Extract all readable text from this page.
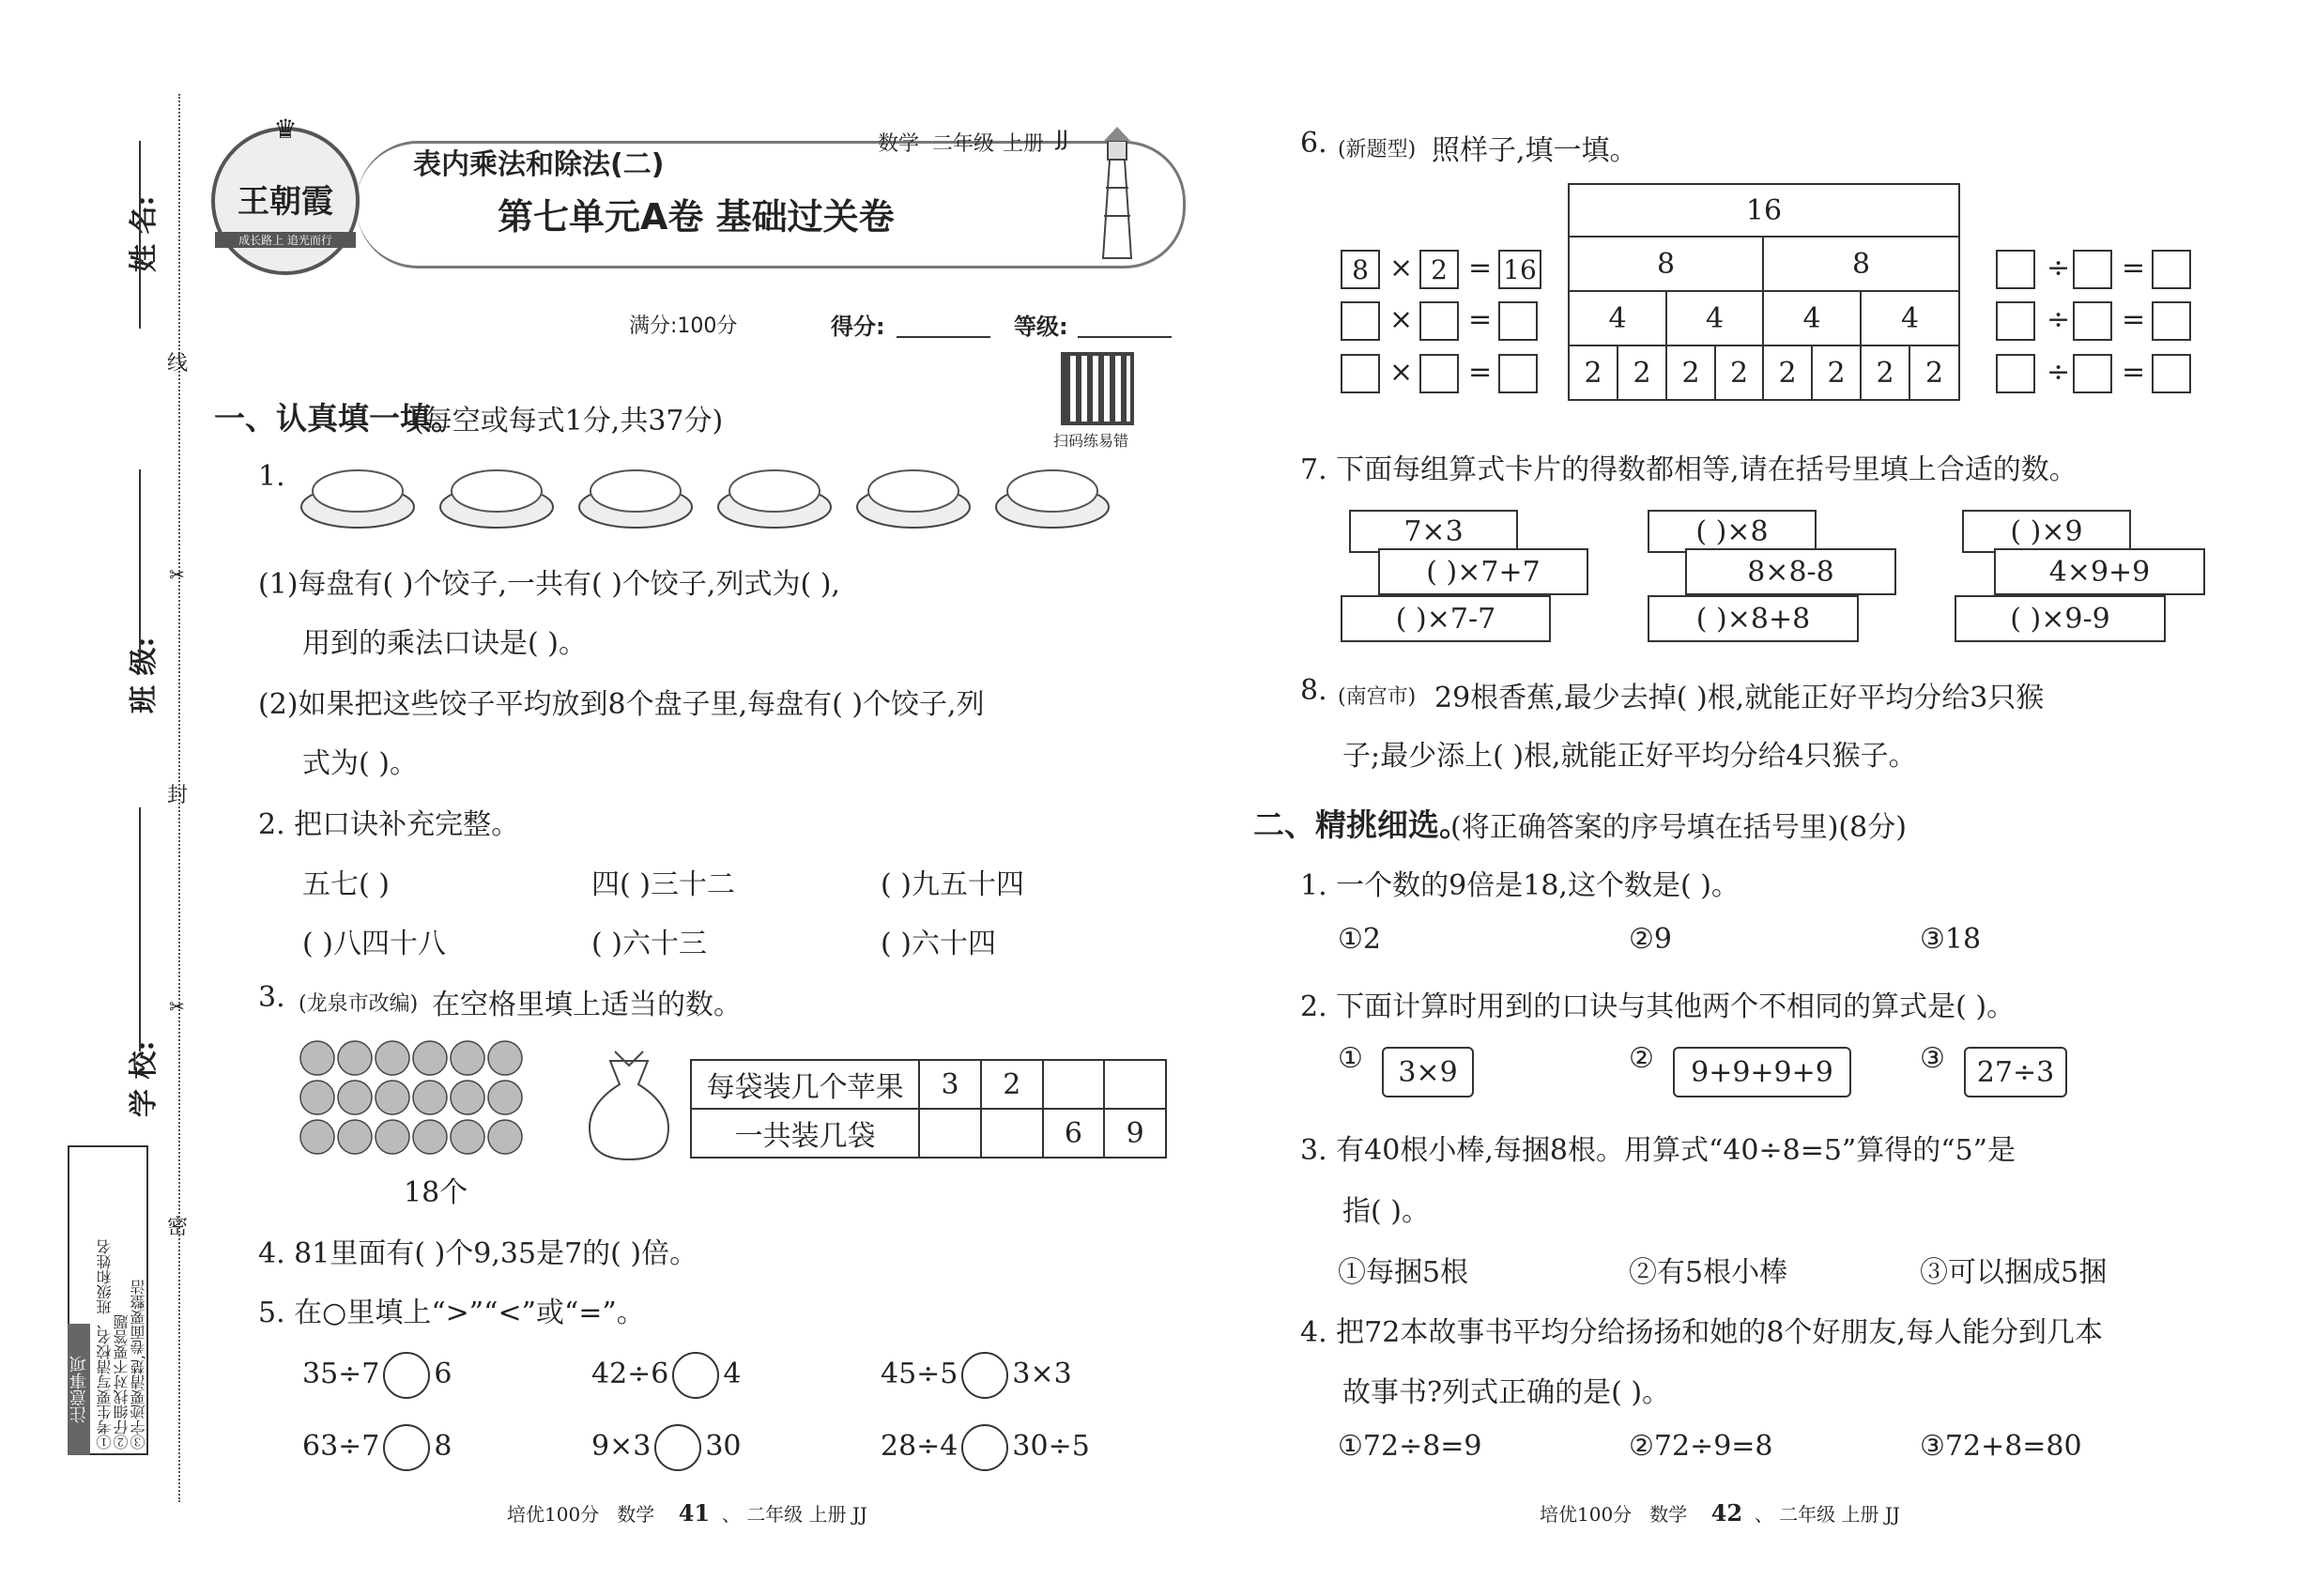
姓 名:
班 级:
学 校:
线
✂
封
✂
密
注意事项 ①考生要写清校名、班级和姓名 ②仔细找对不要答题 ③字迹要清楚,卷面要整洁
♛
王朝霞
成长路上 追光而行
表内乘法和除法(二)
第七单元A卷 基础过关卷
数学 二年级 上册 JJ
满分:100分	得分:	等级:
扫码练易错
一、认真填一填。
(每空或每式1分,共37分)
1.
(1)每盘有( )个饺子,一共有( )个饺子,列式为( ),
用到的乘法口诀是( )。
(2)如果把这些饺子平均放到8个盘子里,每盘有( )个饺子,列
式为( )。
2. 把口诀补充完整。
五七( )	四( )三十二	( )九五十四
( )八四十八	( )六十三	( )六十四
3. (龙泉市改编) 在空格里填上适当的数。
18个
每袋装几个苹果	3	2		
一共装几袋			6	9
4. 81里面有( )个9,35是7的( )倍。
5. 在○里填上“>”“<”或“=”。
35÷7 6	42÷6 4	45÷5 3×3
63÷7 8	9×3 30	28÷4 30÷5
培优100分 数学 41  、 二年级 上册 JJ
6. (新题型) 照样子,填一填。
8 × 2 = 16
× =
× =
16
8	8
4	4	4	4
2	2	2	2	2	2	2	2
÷ =
÷ =
÷ =
7. 下面每组算式卡片的得数都相等,请在括号里填上合适的数。
7×3
( )×7+7
( )×7-7
( )×8
8×8-8
( )×8+8
( )×9
4×9+9
( )×9-9
8. (南宫市) 29根香蕉,最少去掉( )根,就能正好平均分给3只猴
子;最少添上( )根,就能正好平均分给4只猴子。
二、精挑细选。
(将正确答案的序号填在括号里)(8分)
1. 一个数的9倍是18,这个数是( )。
①2	②9	③18
2. 下面计算时用到的口诀与其他两个不相同的算式是( )。
①	3×9	②	9+9+9+9	③	27÷3
3. 有40根小棒,每捆8根。用算式“40÷8=5”算得的“5”是
指( )。
①每捆5根	②有5根小棒	③可以捆成5捆
4. 把72本故事书平均分给扬扬和她的8个好朋友,每人能分到几本
故事书?列式正确的是( )。
①72÷8=9	②72÷9=8	③72+8=80
培优100分 数学 42  、 二年级 上册 JJ
